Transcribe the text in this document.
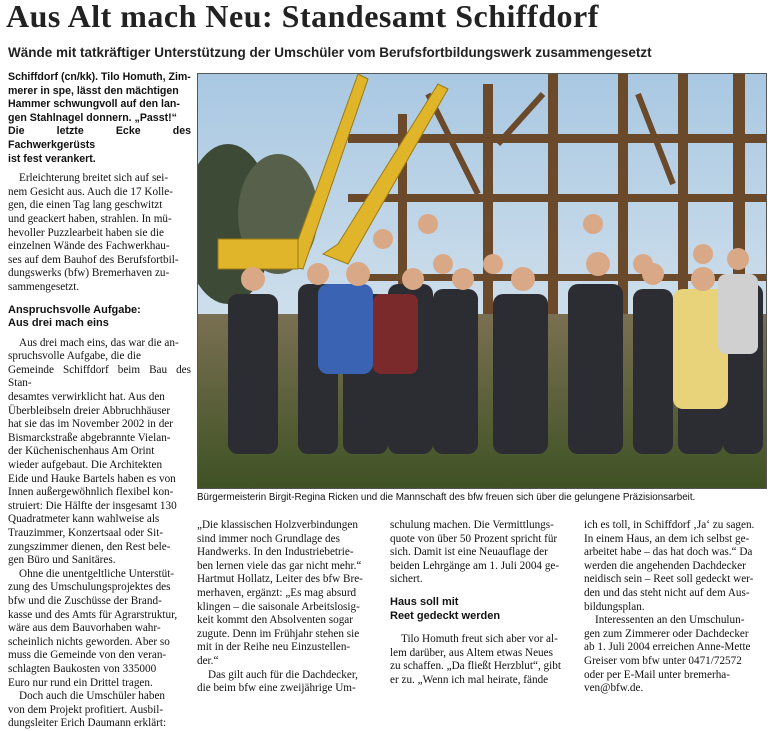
Aus Alt mach Neu: Standesamt Schiffdorf
Wände mit tatkräftiger Unterstützung der Umschüler vom Berufsfortbildungswerk zusammengesetzt
Schiffdorf (cn/kk). Tilo Homuth, Zim-
merer in spe, lässt den mächtigen
Hammer schwungvoll auf den lan-
gen Stahlnagel donnern. „Passt!“
Die letzte Ecke des Fachwerkgerüsts
ist fest verankert.

Erleichterung breitet sich auf sei-
nem Gesicht aus. Auch die 17 Kolle-
gen, die einen Tag lang geschwitzt
und geackert haben, strahlen. In mü-
hevoller Puzzlearbeit haben sie die
einzelnen Wände des Fachwerkhau-
ses auf dem Bauhof des Berufsfortbil-
dungswerks (bfw) Bremerhaven zu-
sammengesetzt.

Anspruchsvolle Aufgabe:
Aus drei mach eins

Aus drei mach eins, das war die an-
spruchsvolle Aufgabe, die die
Gemeinde Schiffdorf beim Bau des Stan-
desamtes verwirklicht hat. Aus den
Überbleibseln dreier Abbruchhäuser
hat sie das im November 2002 in der
Bismarckstraße abgebrannte Vielan-
der Küchenischenhaus Am Orint
wieder aufgebaut. Die Architekten
Eide und Hauke Bartels haben es von
Innen außergewöhnlich flexibel kon-
struiert: Die Hälfte der insgesamt 130
Quadratmeter kann wahlweise als
Trauzimmer, Konzertsaal oder Sit-
zungszimmer dienen, den Rest bele-
gen Büro und Sanitäres.

Ohne die unentgeltliche Unterstüt-
zung des Umschulungsprojektes des
bfw und die Zuschüsse der Brand-
kasse und des Amts für Agrarstruktur,
wäre aus dem Bauvorhaben wahr-
scheinlich nichts geworden. Aber so
muss die Gemeinde von den veran-
schlagten Baukosten von 335000
Euro nur rund ein Drittel tragen.

Doch auch die Umschüler haben
von dem Projekt profitiert. Ausbil-
dungsleiter Erich Daumann erklärt:

Bürgermeisterin Birgit-Regina Ricken und die Mannschaft des bfw freuen sich über die gelungene Präzisionsarbeit.

„Die klassischen Holzverbindungen
sind immer noch Grundlage des
Handwerks. In den Industriebetrie-
ben lernen viele das gar nicht mehr.“
Hartmut Hollatz, Leiter des bfw Bre-
merhaven, ergänzt: „Es mag absurd
klingen – die saisonale Arbeitslosig-
keit kommt den Absolventen sogar
zugute. Denn im Frühjahr stehen sie
mit in der Reihe neu Einzustellen-
der.“

Das gilt auch für die Dachdecker,
die beim bfw eine zweijährige Um-

schulung machen. Die Vermittlungs-
quote von über 50 Prozent spricht für
sich. Damit ist eine Neuauflage der
beiden Lehrgänge am 1. Juli 2004 ge-
sichert.

Haus soll mit
Reet gedeckt werden

Tilo Homuth freut sich aber vor al-
lem darüber, aus Altem etwas Neues
zu schaffen. „Da fließt Herzblut“, gibt
er zu. „Wenn ich mal heirate, fände

ich es toll, in Schiffdorf ‚Ja‘ zu sagen.
In einem Haus, an dem ich selbst ge-
arbeitet habe – das hat doch was.“ Da
werden die angehenden Dachdecker
neidisch sein – Reet soll gedeckt wer-
den und das steht nicht auf dem Aus-
bildungsplan.

Interessenten an den Umschulun-
gen zum Zimmerer oder Dachdecker
ab 1. Juli 2004 erreichen Anne-Mette
Greiser vom bfw unter 0471/72572
oder per E-Mail unter bremerha-
ven@bfw.de.
